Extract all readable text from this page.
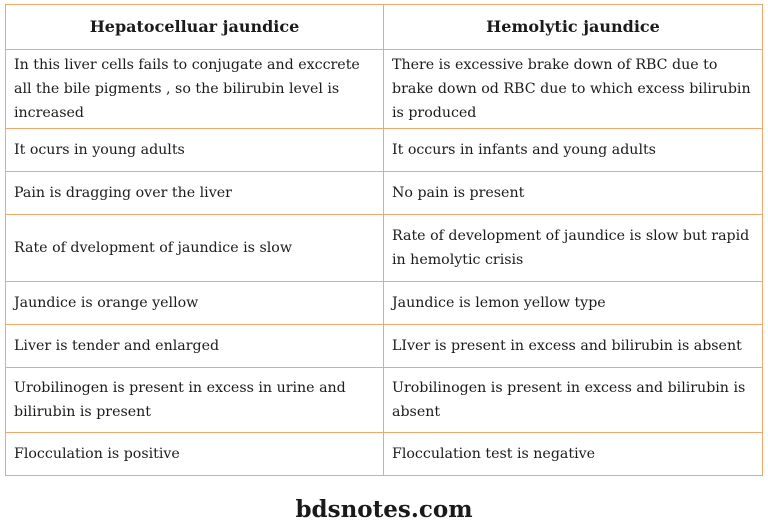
Hepatocelluar jaundice	Hemolytic jaundice
In this liver cells fails to conjugate and exccrete all the bile pigments , so the bilirubin level is increased	There is excessive brake down of RBC due to brake down od RBC due to which excess bilirubin is produced
It ocurs in young adults	It occurs in infants and young adults
Pain is dragging over the liver	No pain is present
Rate of dvelopment of jaundice is slow	Rate of development of jaundice is slow but rapid in hemolytic crisis
Jaundice is orange yellow	Jaundice is lemon yellow type
Liver is tender and enlarged	LIver is present in excess and bilirubin is absent
Urobilinogen is present in excess in urine and bilirubin is present	Urobilinogen is present in excess and bilirubin is absent
Flocculation is positive	Flocculation test is negative
bdsnotes.com
